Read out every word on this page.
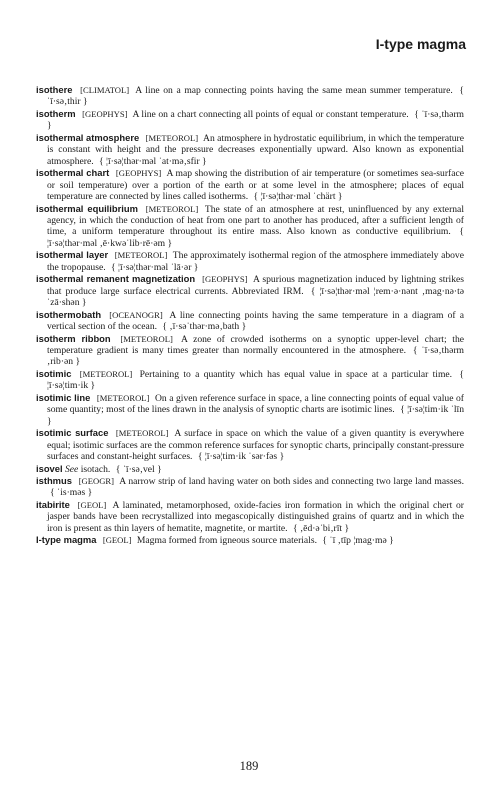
I-type magma

isothere [CLIMATOL] A line on a map connecting points having the same mean summer temperature. { ˈī·sə‚thir }

isotherm [GEOPHYS] A line on a chart connecting all points of equal or constant temperature. { ˈī·sə‚thərm }

isothermal atmosphere [METEOROL] An atmosphere in hydrostatic equilibrium, in which the temperature is constant with height and the pressure decreases exponentially upward. Also known as exponential atmosphere. { ¦ī·sə¦thər·məl ˈat·mə‚sfir }

isothermal chart [GEOPHYS] A map showing the distribution of air temperature (or sometimes sea-surface or soil temperature) over a portion of the earth or at some level in the atmosphere; places of equal temperature are connected by lines called isotherms. { ¦ī·sə¦thər·məl ˈchärt }

isothermal equilibrium [METEOROL] The state of an atmosphere at rest, uninfluenced by any external agency, in which the conduction of heat from one part to another has produced, after a sufficient length of time, a uniform temperature throughout its entire mass. Also known as conductive equilibrium. { ¦ī·sə¦thər·məl ‚ē·kwəˈlib·rē·əm }

isothermal layer [METEOROL] The approximately isothermal region of the atmosphere immediately above the tropopause. { ¦ī·sə¦thər·məl ˈlā·ər }

isothermal remanent magnetization [GEOPHYS] A spurious magnetization induced by lightning strikes that produce large surface electrical currents. Abbreviated IRM. { ¦ī·sə¦thər·məl ¦rem·ə·nənt ‚mag·nə·təˈzā·shən }

isothermobath [OCEANOGR] A line connecting points having the same temperature in a diagram of a vertical section of the ocean. { ‚ī·səˈthər·mə‚bath }

isotherm ribbon [METEOROL] A zone of crowded isotherms on a synoptic upper-level chart; the temperature gradient is many times greater than normally encountered in the atmosphere. { ˈī·sə‚thərm ‚rib·ən }

isotimic [METEOROL] Pertaining to a quantity which has equal value in space at a particular time. { ¦ī·sə¦tim·ik }

isotimic line [METEOROL] On a given reference surface in space, a line connecting points of equal value of some quantity; most of the lines drawn in the analysis of synoptic charts are isotimic lines. { ¦ī·sə¦tim·ik ˈlīn }

isotimic surface [METEOROL] A surface in space on which the value of a given quantity is everywhere equal; isotimic surfaces are the common reference surfaces for synoptic charts, principally constant-pressure surfaces and constant-height surfaces. { ¦ī·sə¦tim·ik ˈsər·fəs }

isovel See isotach. { ˈī·sə‚vel }

isthmus [GEOGR] A narrow strip of land having water on both sides and connecting two large land masses. { ˈis·məs }

itabirite [GEOL] A laminated, metamorphosed, oxide-facies iron formation in which the original chert or jasper bands have been recrystallized into megascopically distinguished grains of quartz and in which the iron is present as thin layers of hematite, magnetite, or martite. { ‚ēd·əˈbi‚rīt }

I-type magma [GEOL] Magma formed from igneous source materials. { ˈī ‚tīp ¦mag·mə }

189
